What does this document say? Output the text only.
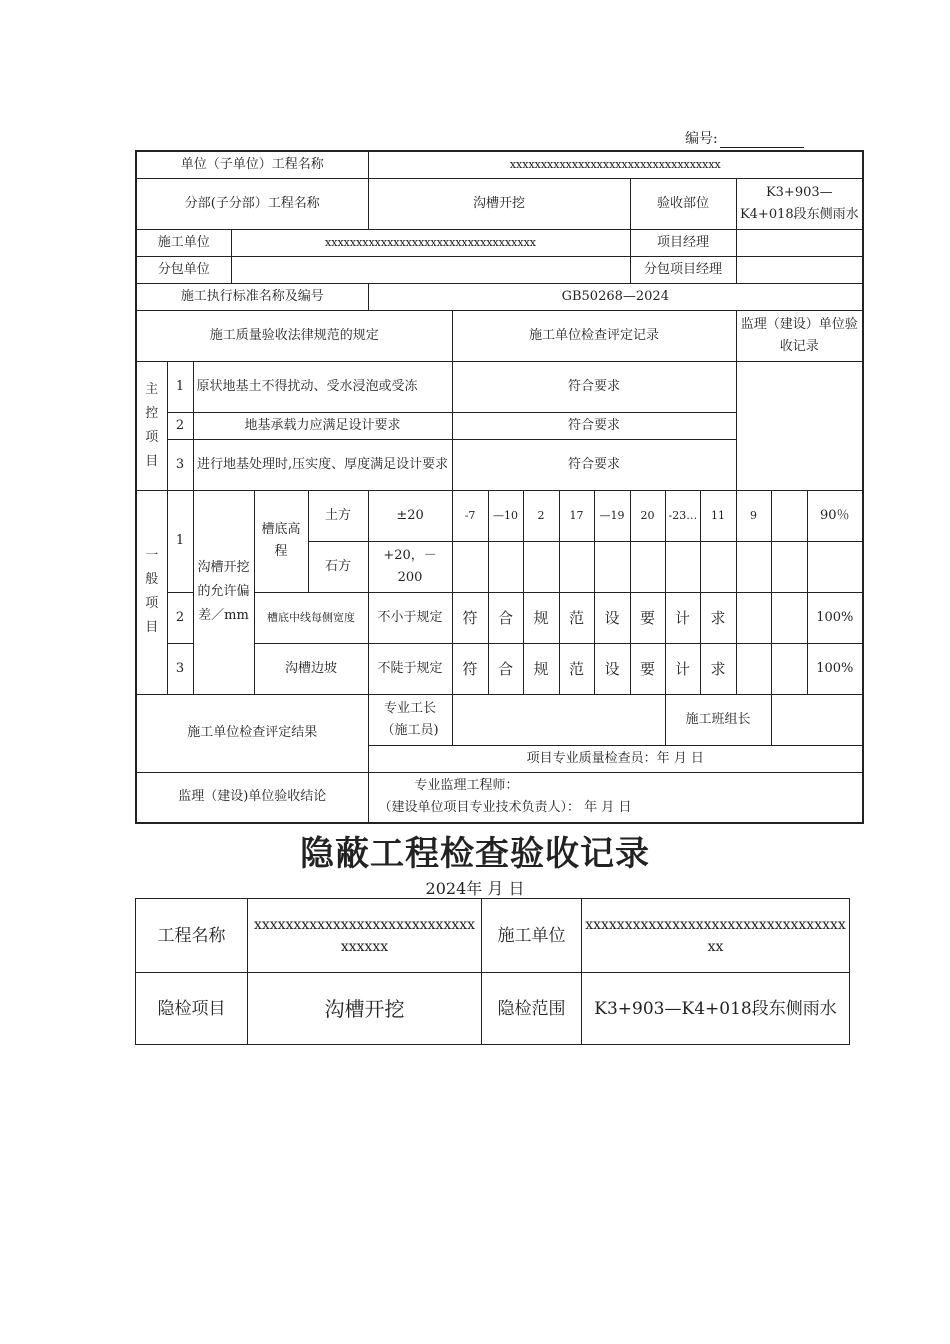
编号:
单位（子单位）工程名称						xxxxxxxxxxxxxxxxxxxxxxxxxxxxxxxxxx											
分部(子分部）工程名称						沟槽开挖						验收部位			K3+903—K4+018段东侧雨水		
施工单位			xxxxxxxxxxxxxxxxxxxxxxxxxxxxxxxxxx									项目经理					
分包单位												分包项目经理					
施工执行标准名称及编号						GB50268—2024											
施工质量验收法律规范的规定							施工单位检查评定记录								监理（建设）单位验收记录		
主控项目	1	原状地基土不得扰动、受水浸泡或受冻					符合要求										
	2	地基承载力应满足设计要求					符合要求										
	3	进行地基处理时,压实度、厚度满足设计要求					符合要求										
一般项目	1	沟槽开挖的允许偏差／mm		槽底高程	土方	±20	-7	—10	2	17	—19	20	-23…	11	9		90％
					石方	+20，－200											
	2			槽底中线每侧宽度		不小于规定	符	合	规	范	设	要	计	求			100%
	3			沟槽边坡		不陡于规定	符	合	规	范	设	要	计	求			100%
施工单位检查评定结果						专业工长（施工员)							施工班组长				
						项目专业质量检查员：年 月 日											
监理（建设)单位验收结论						专业监理工程师：
（建设单位项目专业技术负责人）： 年 月 日											
隐蔽工程检查验收记录
2024年 月 日
工程名称	xxxxxxxxxxxxxxxxxxxxxxxxxxxxxxxxxx	施工单位	xxxxxxxxxxxxxxxxxxxxxxxxxxxxxxxxxxx
隐检项目	沟槽开挖	隐检范围	K3+903—K4+018段东侧雨水
